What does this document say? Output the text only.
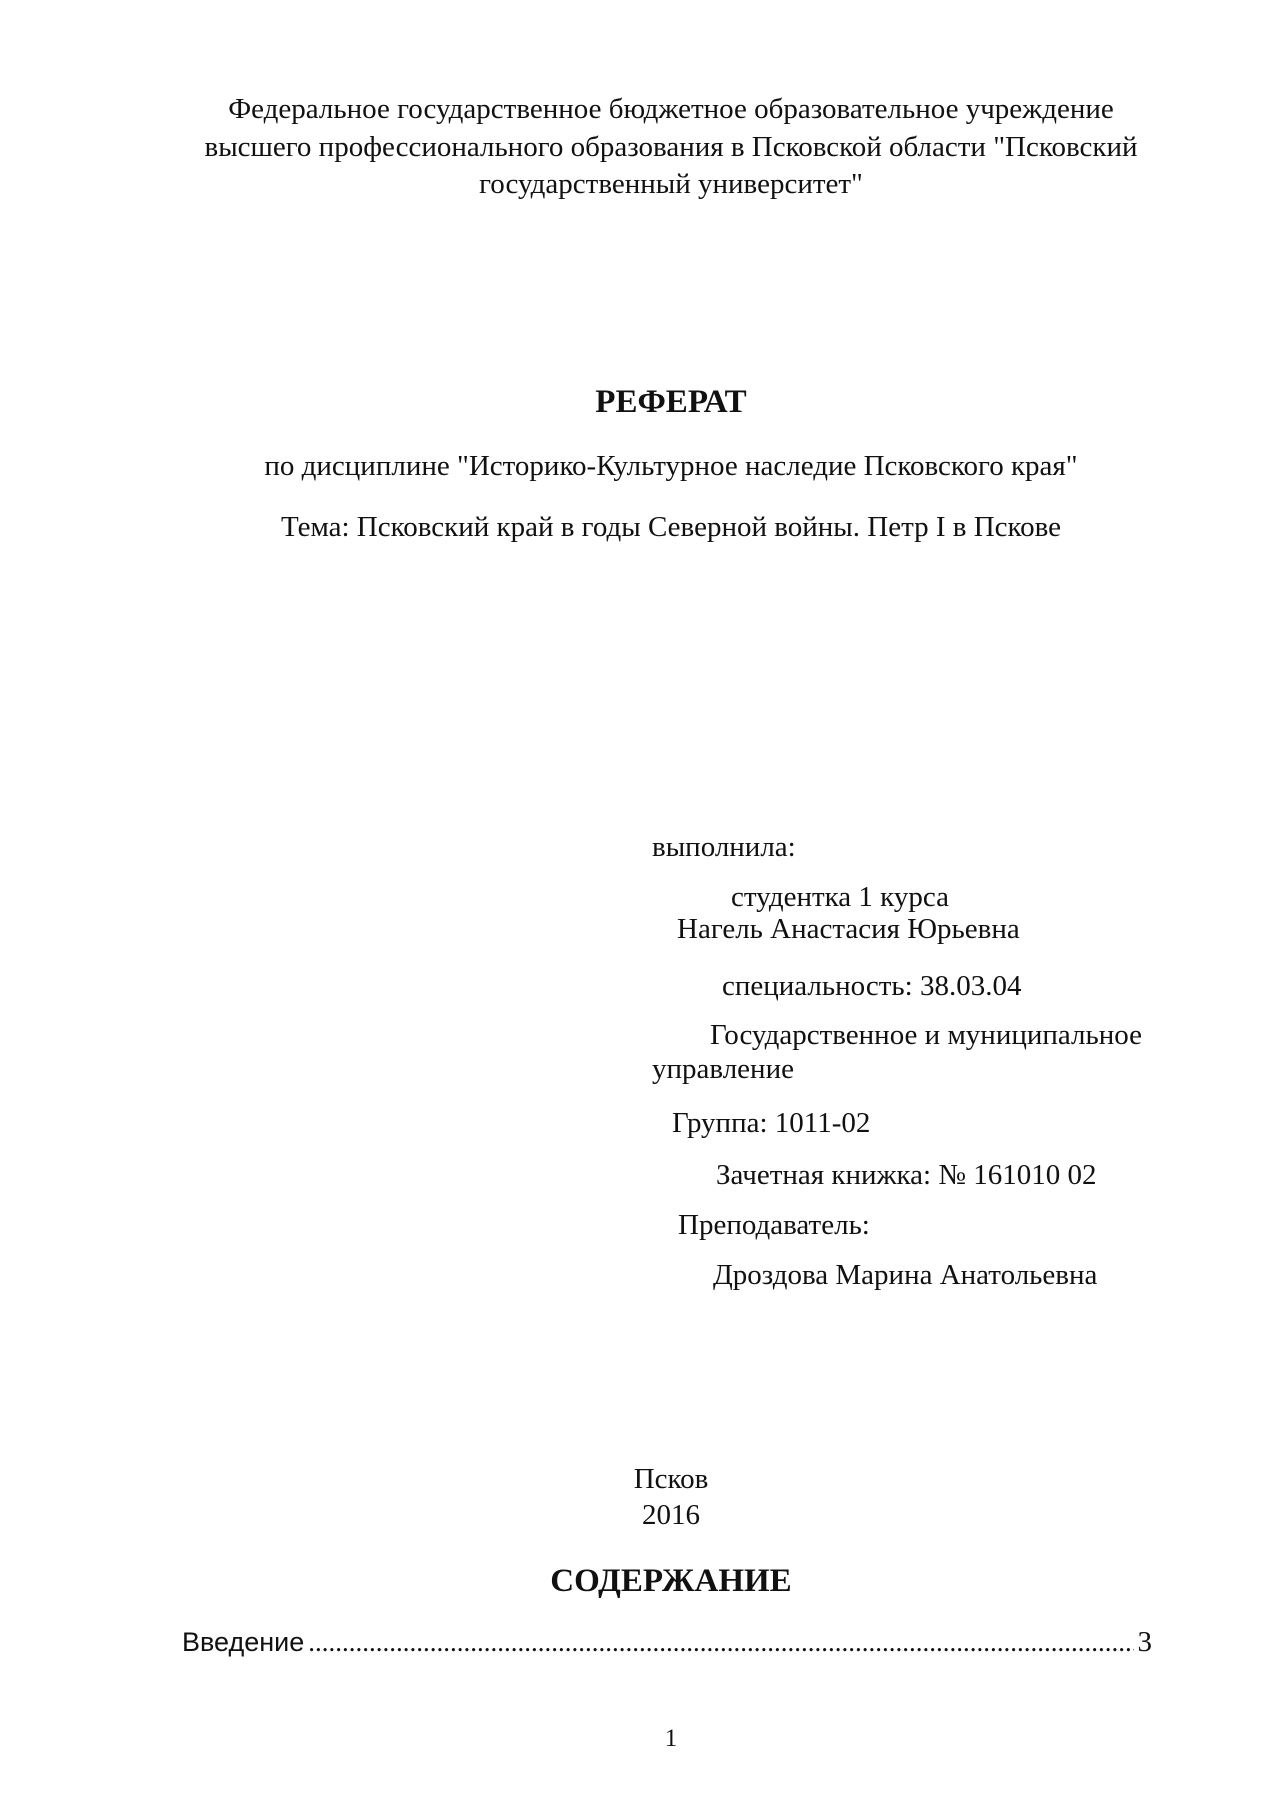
Федеральное государственное бюджетное образовательное учреждение
высшего профессионального образования в Псковской области "Псковский
государственный университет"
РЕФЕРАТ
по дисциплине "Историко-Культурное наследие Псковского края"
Тема: Псковский край в годы Северной войны. Петр I в Пскове
выполнила:
студентка 1 курса
Нагель Анастасия Юрьевна
специальность: 38.03.04
Государственное и муниципальное
управление
Группа: 1011-02
Зачетная книжка: № 161010 02
Преподаватель:
Дроздова Марина Анатольевна
Псков
2016
СОДЕРЖАНИЕ
Введение
.....	3
1
